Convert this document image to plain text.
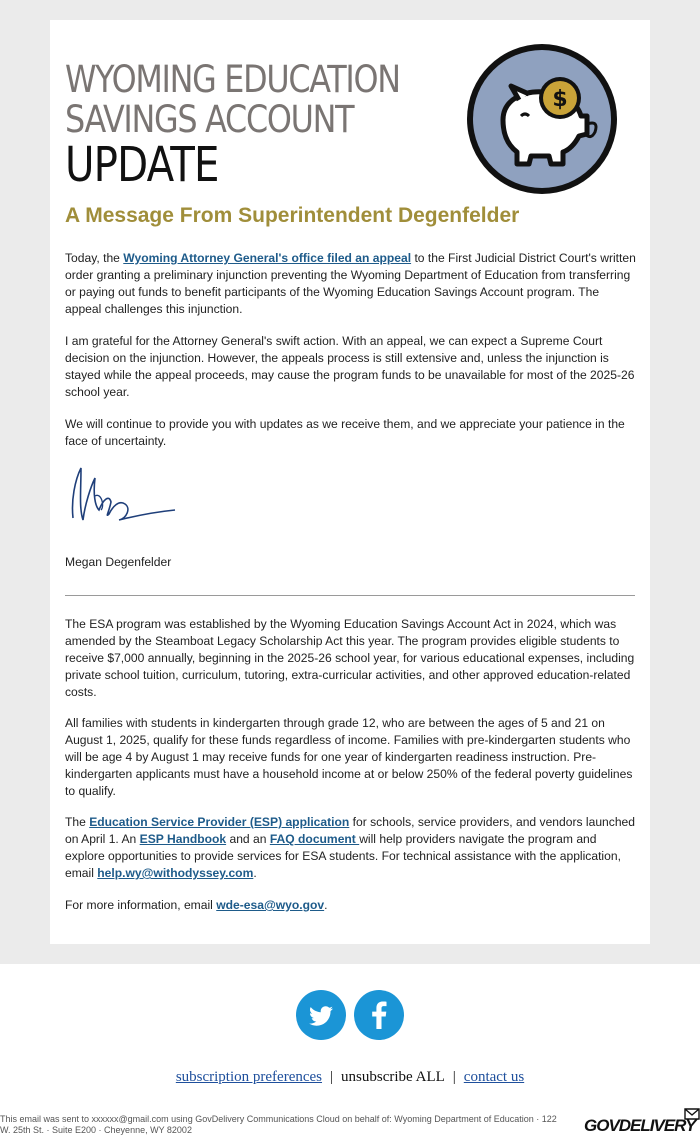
WYOMING EDUCATION
SAVINGS ACCOUNT
UPDATE
$
A Message From Superintendent Degenfelder

Today, the Wyoming Attorney General's office filed an appeal to the First Judicial District Court's written order granting a preliminary injunction preventing the Wyoming Department of Education from transferring or paying out funds to benefit participants of the Wyoming Education Savings Account program. The appeal challenges this injunction.

I am grateful for the Attorney General's swift action. With an appeal, we can expect a Supreme Court decision on the injunction. However, the appeals process is still extensive and, unless the injunction is stayed while the appeal proceeds, may cause the program funds to be unavailable for most of the 2025-26 school year.
We will continue to provide you with updates as we receive them, and we appreciate your patience in the face of uncertainty.
Megan Degenfelder
The ESA program was established by the Wyoming Education Savings Account Act in 2024, which was amended by the Steamboat Legacy Scholarship Act this year. The program provides eligible students to receive $7,000 annually, beginning in the 2025-26 school year, for various educational expenses, including private school tuition, curriculum, tutoring, extra-curricular activities, and other approved education-related costs.
All families with students in kindergarten through grade 12, who are between the ages of 5 and 21 on August 1, 2025, qualify for these funds regardless of income. Families with pre-kindergarten students who will be age 4 by August 1 may receive funds for one year of kindergarten readiness instruction. Pre-kindergarten applicants must have a household income at or below 250% of the federal poverty guidelines to qualify.

The Education Service Provider (ESP) application for schools, service providers, and vendors launched on April 1. An ESP Handbook and an FAQ document will help providers navigate the program and explore opportunities to provide services for ESA students. For technical assistance with the application, email help.wy@withodyssey.com.

For more information, email wde-esa@wyo.gov.

subscription preferences | unsubscribe ALL | contact us
This email was sent to xxxxxx@gmail.com using GovDelivery Communications Cloud on behalf of: Wyoming Department of Education · 122 W. 25th St. · Suite E200 · Cheyenne, WY 82002	GOVDELIVERY
